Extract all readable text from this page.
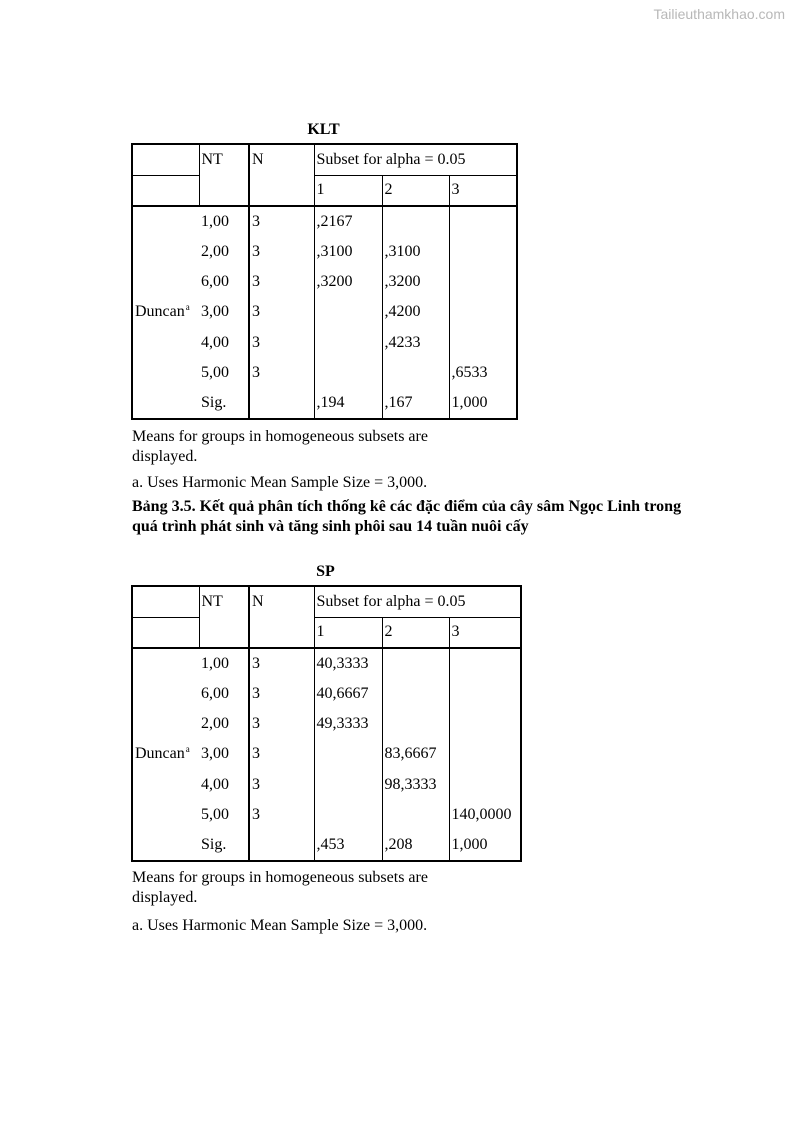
Tailieuthamkhao.com
KLT
	NT	N	Subset for alpha = 0.05		
			1	2	3
Duncan$^a$	1,00	3	,2167		
	2,00	3	,3100	,3100	
	6,00	3	,3200	,3200	
	3,00	3		,4200	
	4,00	3		,4233	
	5,00	3			,6533
	Sig.		,194	,167	1,000
Means for groups in homogeneous subsets are
displayed.
a. Uses Harmonic Mean Sample Size = 3,000.
Bảng 3.5. Kết quả phân tích thống kê các đặc điểm của cây sâm Ngọc Linh trong
quá trình phát sinh và tăng sinh phôi sau 14 tuần nuôi cấy
SP
	NT	N	Subset for alpha = 0.05		
			1	2	3
Duncan$^a$	1,00	3	40,3333		
	6,00	3	40,6667		
	2,00	3	49,3333		
	3,00	3		83,6667	
	4,00	3		98,3333	
	5,00	3			140,0000
	Sig.		,453	,208	1,000
Means for groups in homogeneous subsets are
displayed.
a. Uses Harmonic Mean Sample Size = 3,000.
